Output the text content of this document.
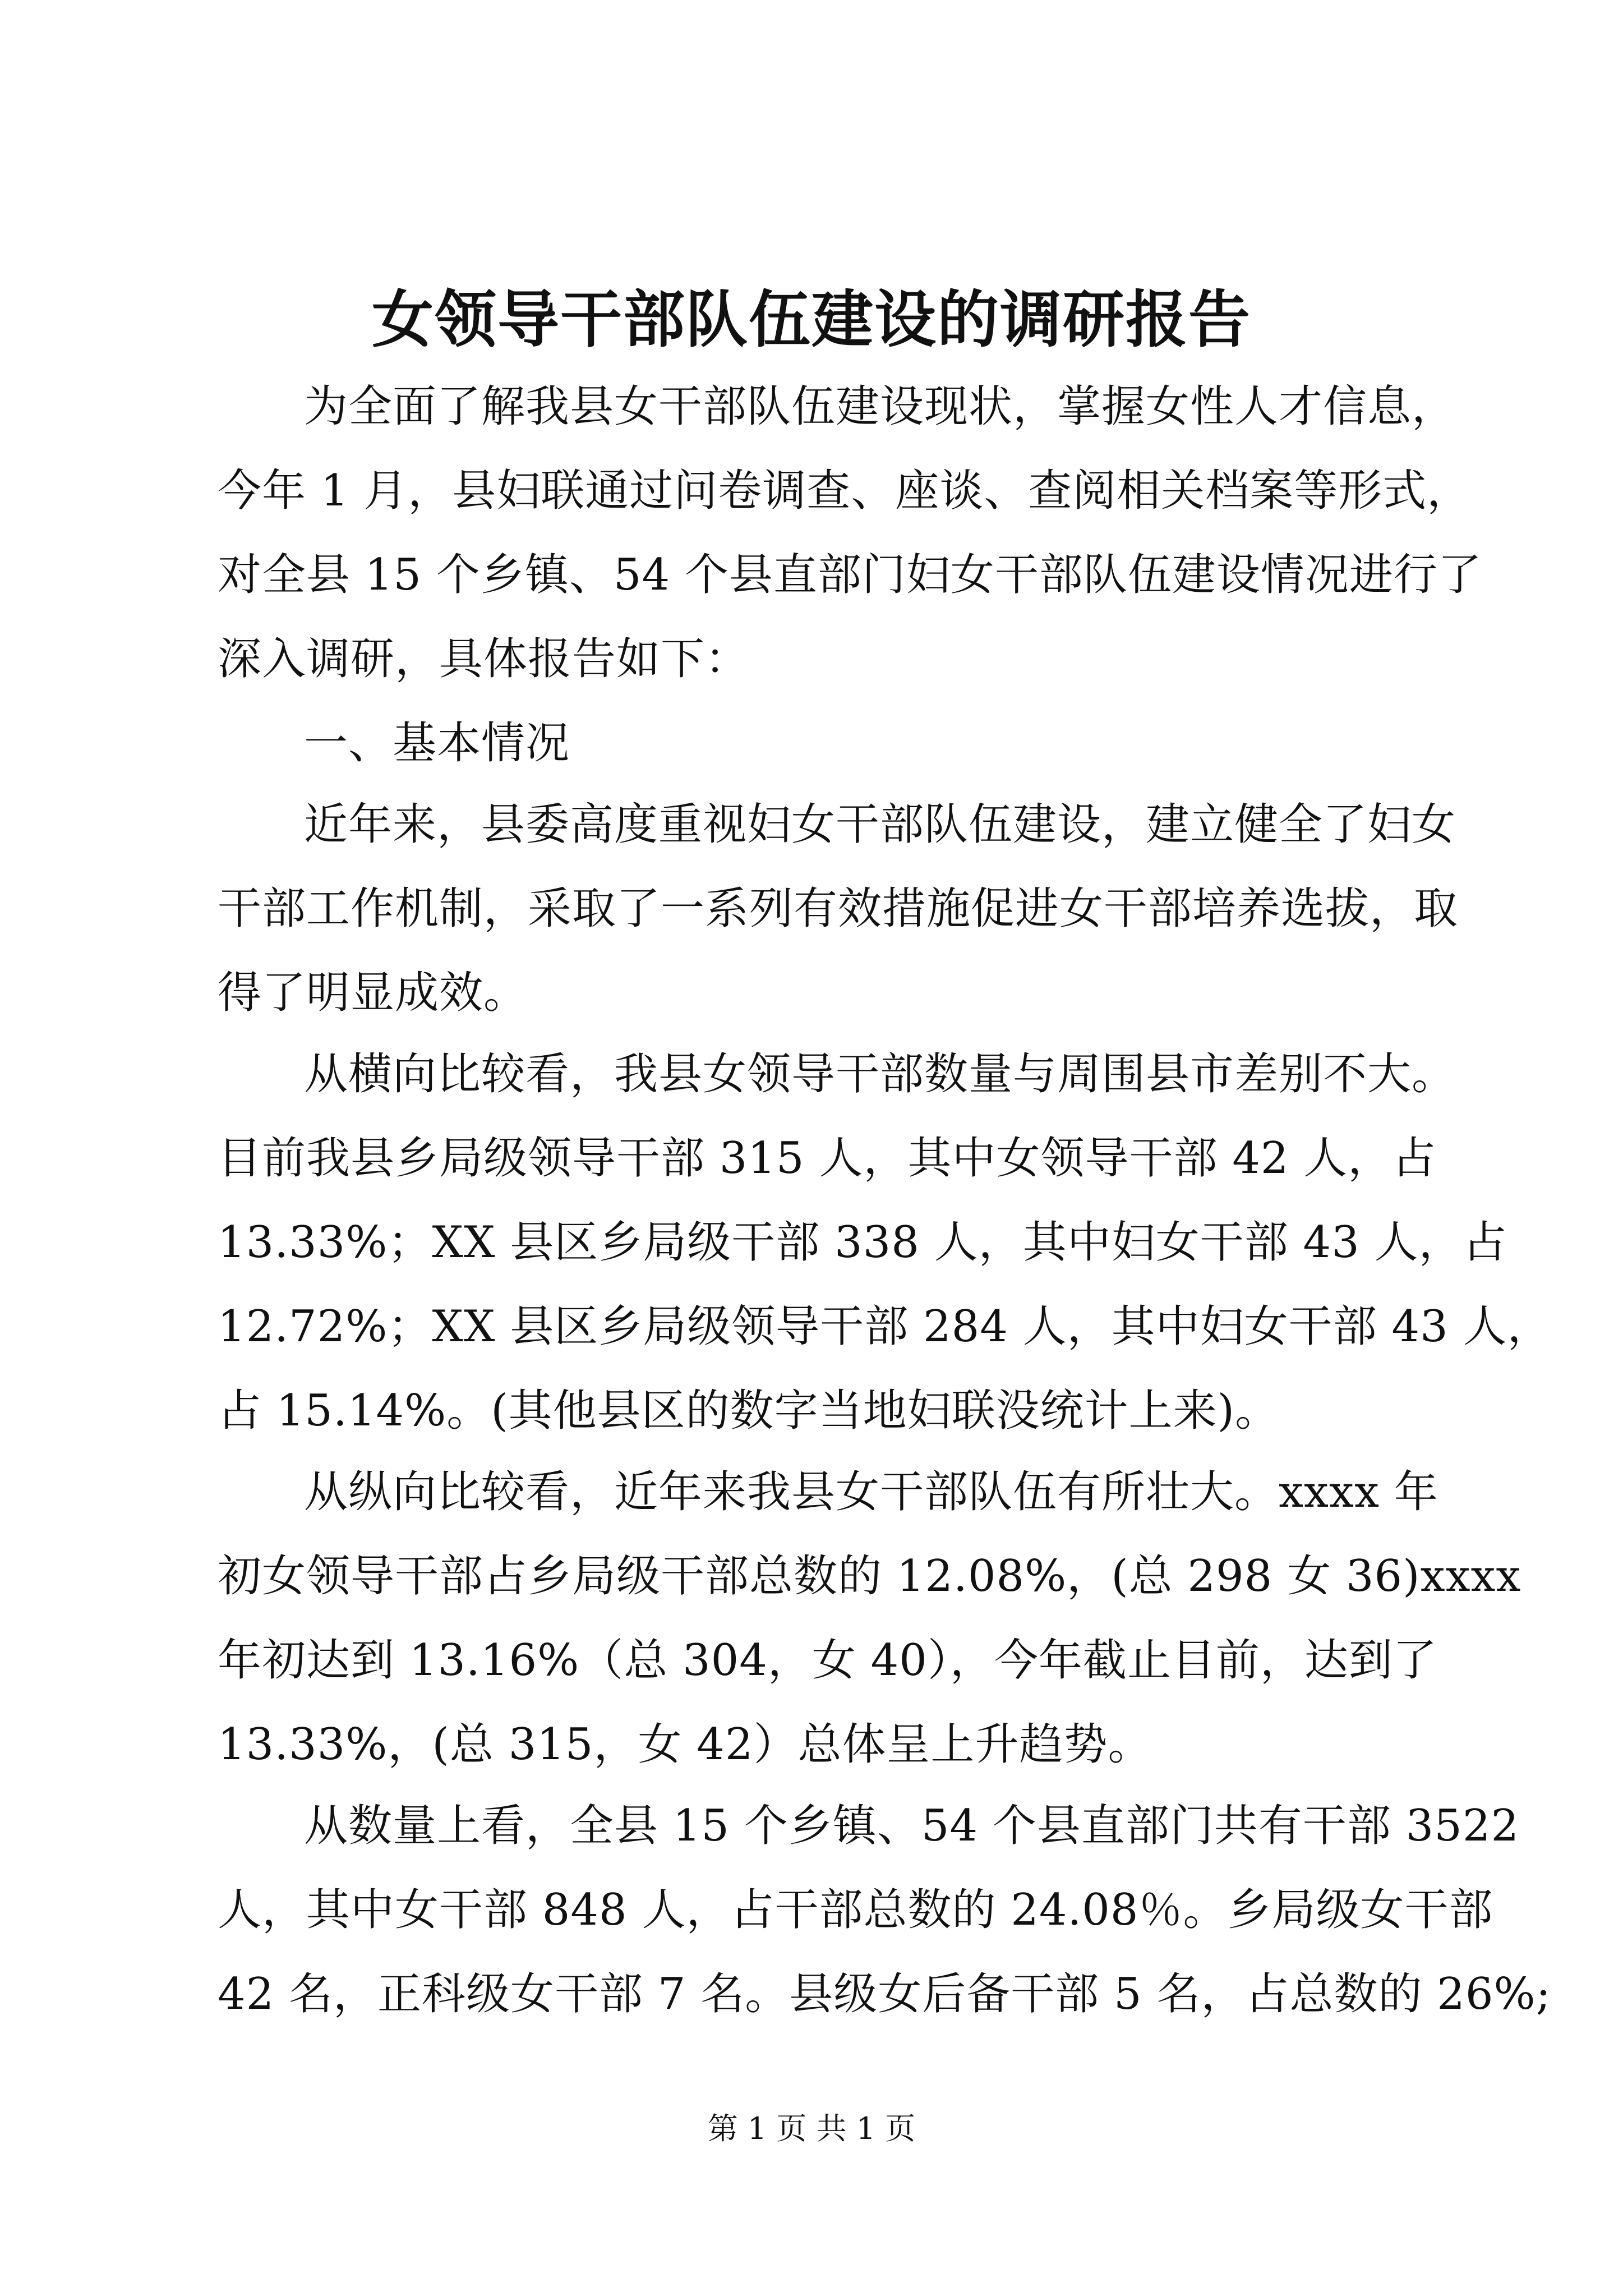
女领导干部队伍建设的调研报告
为全面了解我县女干部队伍建设现状，掌握女性人才信息，
今年 1 月，县妇联通过问卷调查、座谈、查阅相关档案等形式，
对全县 15 个乡镇、54 个县直部门妇女干部队伍建设情况进行了
深入调研，具体报告如下：
一、基本情况
近年来，县委高度重视妇女干部队伍建设，建立健全了妇女
干部工作机制，采取了一系列有效措施促进女干部培养选拔，取
得了明显成效。
从横向比较看，我县女领导干部数量与周围县市差别不大。
目前我县乡局级领导干部 315 人，其中女领导干部 42 人，占
13.33%；XX 县区乡局级干部 338 人，其中妇女干部 43 人，占
12.72%；XX 县区乡局级领导干部 284 人，其中妇女干部 43 人，
占 15.14%。(其他县区的数字当地妇联没统计上来)。
从纵向比较看，近年来我县女干部队伍有所壮大。xxxx 年
初女领导干部占乡局级干部总数的 12.08%，(总 298 女 36)xxxx
年初达到 13.16%（总 304，女 40），今年截止目前，达到了
13.33%，(总 315，女 42）总体呈上升趋势。
从数量上看，全县 15 个乡镇、54 个县直部门共有干部 3522
人，其中女干部 848 人，占干部总数的 24.08％。乡局级女干部
42 名，正科级女干部 7 名。县级女后备干部 5 名，占总数的 26%;
第 1 页 共 1 页
